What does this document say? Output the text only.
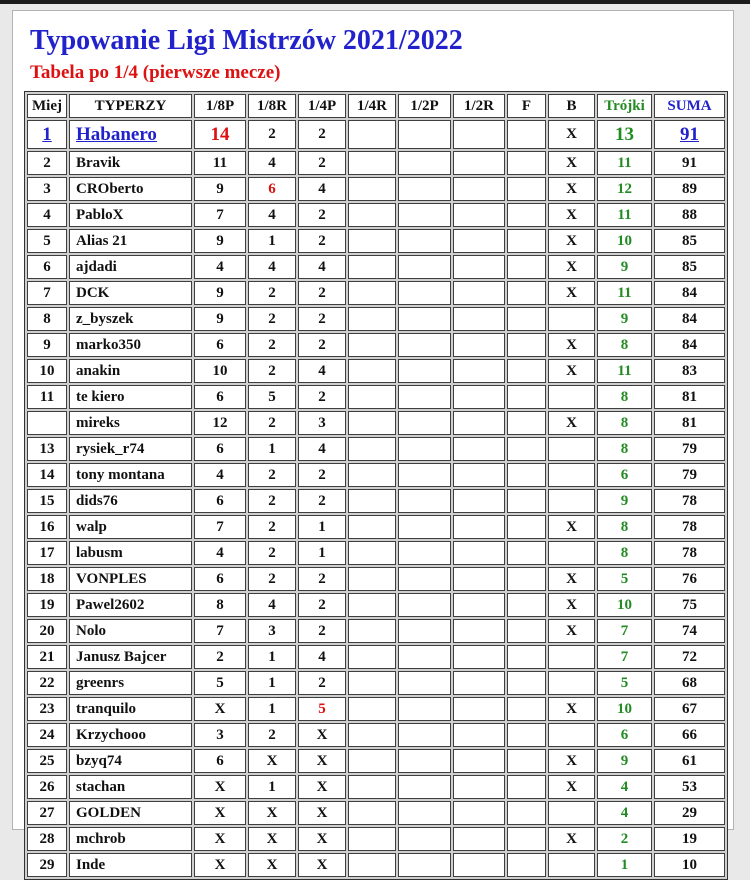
Typowanie Ligi Mistrzów 2021/2022
Tabela po 1/4 (pierwsze mecze)
Miej	TYPERZY	1/8P	1/8R	1/4P	1/4R	1/2P	1/2R	F	B	Trójki	SUMA
1	Habanero	14	2	2					X	13	91
2	Bravik	11	4	2					X	11	91
3	CROberto	9	6	4					X	12	89
4	PabloX	7	4	2					X	11	88
5	Alias 21	9	1	2					X	10	85
6	ajdadi	4	4	4					X	9	85
7	DCK	9	2	2					X	11	84
8	z_byszek	9	2	2						9	84
9	marko350	6	2	2					X	8	84
10	anakin	10	2	4					X	11	83
11	te kiero	6	5	2						8	81
	mireks	12	2	3					X	8	81
13	rysiek_r74	6	1	4						8	79
14	tony montana	4	2	2						6	79
15	dids76	6	2	2						9	78
16	walp	7	2	1					X	8	78
17	labusm	4	2	1						8	78
18	VONPLES	6	2	2					X	5	76
19	Pawel2602	8	4	2					X	10	75
20	Nolo	7	3	2					X	7	74
21	Janusz Bajcer	2	1	4						7	72
22	greenrs	5	1	2						5	68
23	tranquilo	X	1	5					X	10	67
24	Krzychooo	3	2	X						6	66
25	bzyq74	6	X	X					X	9	61
26	stachan	X	1	X					X	4	53
27	GOLDEN	X	X	X						4	29
28	mchrob	X	X	X					X	2	19
29	Inde	X	X	X						1	10
